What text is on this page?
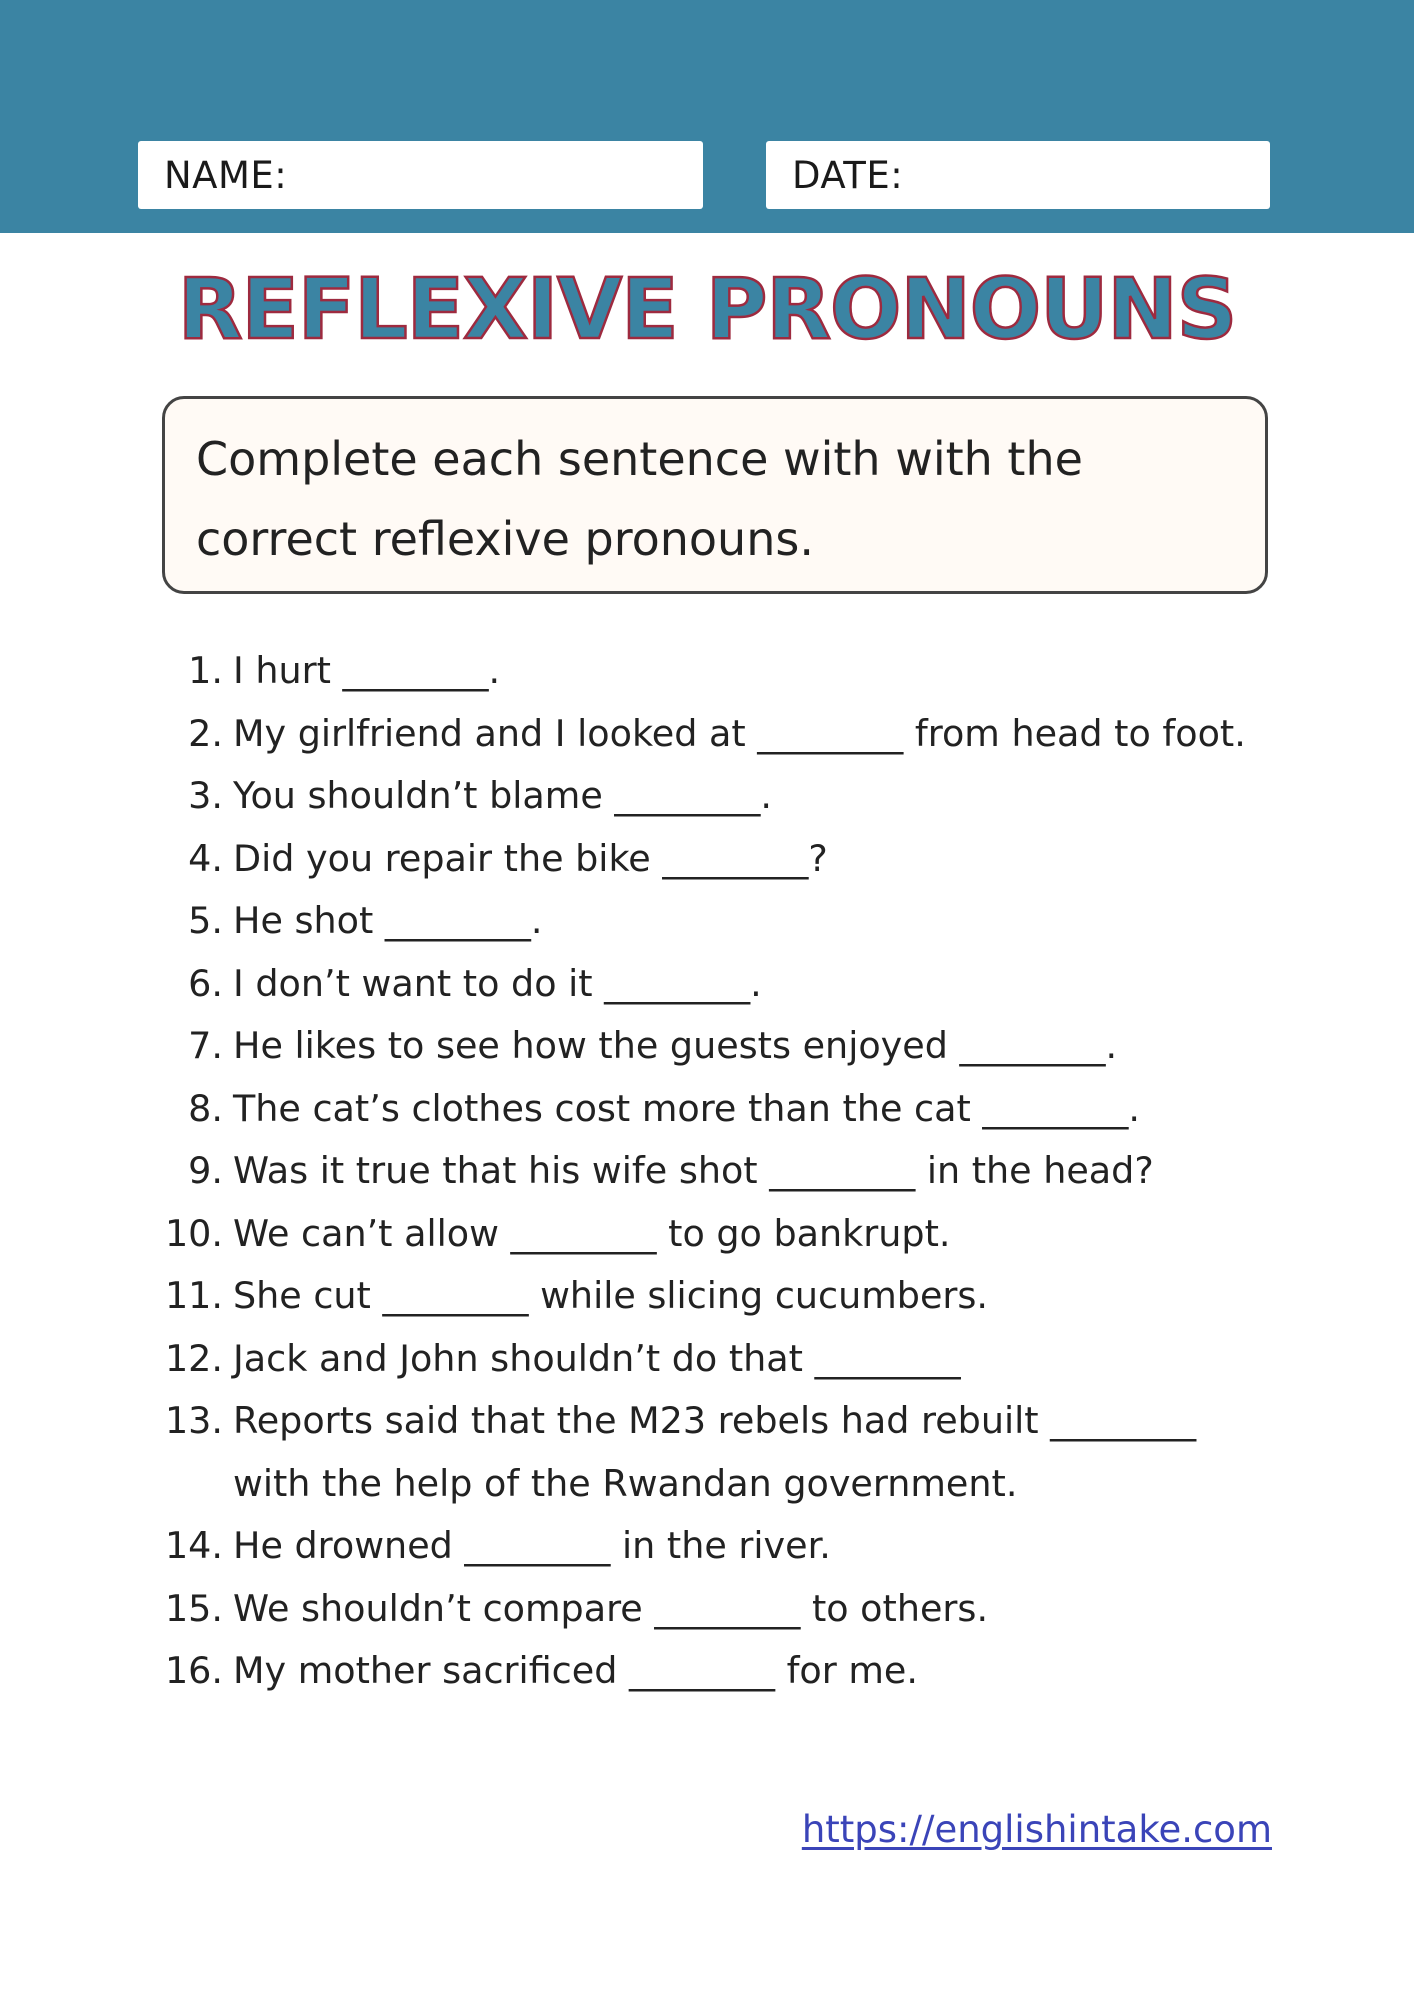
NAME:	DATE:
REFLEXIVE PRONOUNS

Complete each sentence with with the

correct reflexive pronouns.

1. I hurt ________.
2. My girlfriend and I looked at ________ from head to foot.
3. You shouldn’t blame ________.
4. Did you repair the bike ________?
5. He shot ________.
6. I don’t want to do it ________.
7. He likes to see how the guests enjoyed ________.
8. The cat’s clothes cost more than the cat ________.
9. Was it true that his wife shot ________ in the head?
10. We can’t allow ________ to go bankrupt.
11. She cut ________ while slicing cucumbers.
12. Jack and John shouldn’t do that ________
13. Reports said that the M23 rebels had rebuilt ________ with the help of the Rwandan government.
14. He drowned ________ in the river.
15. We shouldn’t compare ________ to others.
16. My mother sacrificed ________ for me.
https://englishintake.com
